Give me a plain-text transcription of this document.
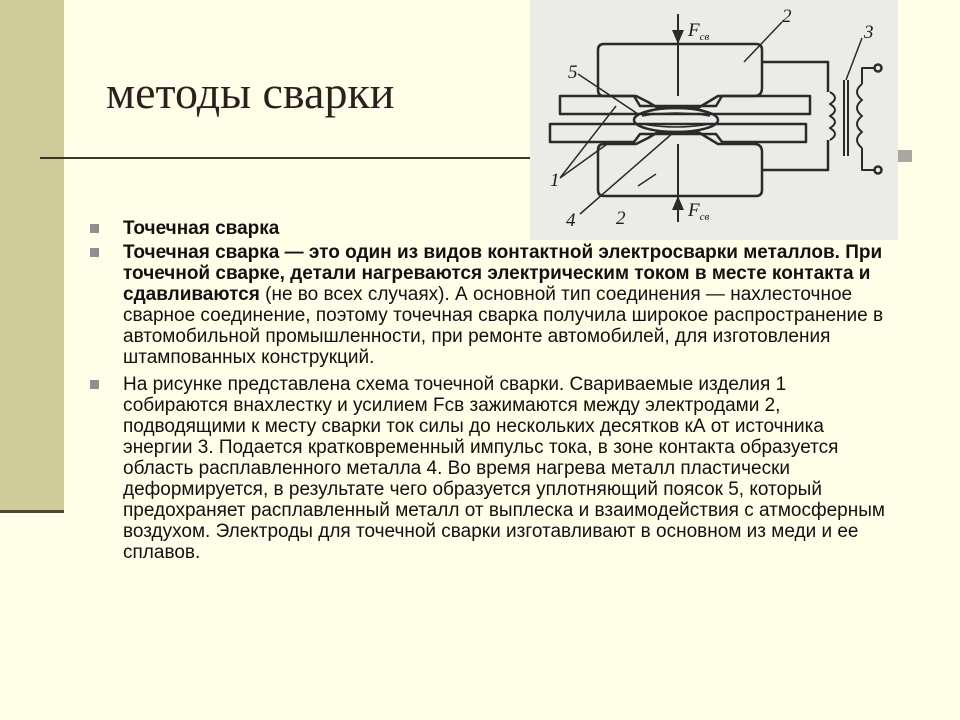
методы сварки
$F_{св}$
$F_{св}$
2
3
5
1
4 2
Точечная сварка
Точечная сварка — это один из видов контактной электросварки металлов. При точечной сварке, детали нагреваются электрическим током в месте контакта и сдавливаются (не во всех случаях). А основной тип соединения — нахлесточное сварное соединение, поэтому точечная сварка получила широкое распространение в автомобильной промышленности, при ремонте автомобилей, для изготовления штампованных конструкций.
На рисунке представлена схема точечной сварки. Свариваемые изделия 1 собираются внахлестку и усилием Fсв зажимаются между электродами 2, подводящими к месту сварки ток силы до нескольких десятков кА от источника энергии 3. Подается кратковременный импульс тока, в зоне контакта образуется область расплавленного металла 4. Во время нагрева металл пластически деформируется, в результате чего образуется уплотняющий поясок 5, который предохраняет расплавленный металл от выплеска и взаимодействия с атмосферным воздухом. Электроды для точечной сварки изготавливают в основном из меди и ее сплавов.
